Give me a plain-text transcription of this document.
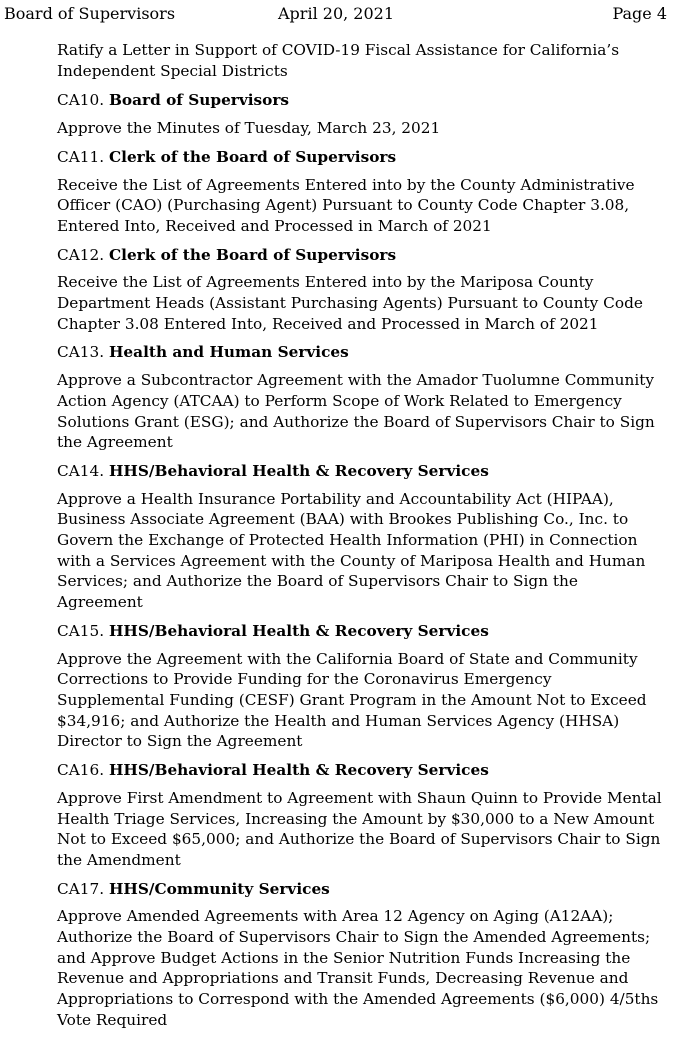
Board of Supervisors	April 20, 2021	Page 4

Ratify a Letter in Support of COVID-19 Fiscal Assistance for California’s Independent Special Districts

CA10. Board of Supervisors

Approve the Minutes of Tuesday, March 23, 2021

CA11. Clerk of the Board of Supervisors

Receive the List of Agreements Entered into by the County Administrative Officer (CAO) (Purchasing Agent) Pursuant to County Code Chapter 3.08, Entered Into, Received and Processed in March of 2021

CA12. Clerk of the Board of Supervisors

Receive the List of Agreements Entered into by the Mariposa County Department Heads (Assistant Purchasing Agents) Pursuant to County Code Chapter 3.08 Entered Into, Received and Processed in March of 2021

CA13. Health and Human Services

Approve a Subcontractor Agreement with the Amador Tuolumne Community Action Agency (ATCAA) to Perform Scope of Work Related to Emergency Solutions Grant (ESG); and Authorize the Board of Supervisors Chair to Sign the Agreement

CA14. HHS/Behavioral Health & Recovery Services

Approve a Health Insurance Portability and Accountability Act (HIPAA), Business Associate Agreement (BAA) with Brookes Publishing Co., Inc. to Govern the Exchange of Protected Health Information (PHI) in Connection with a Services Agreement with the County of Mariposa Health and Human Services; and Authorize the Board of Supervisors Chair to Sign the Agreement

CA15. HHS/Behavioral Health & Recovery Services

Approve the Agreement with the California Board of State and Community Corrections to Provide Funding for the Coronavirus Emergency Supplemental Funding (CESF) Grant Program in the Amount Not to Exceed $34,916; and Authorize the Health and Human Services Agency (HHSA) Director to Sign the Agreement

CA16. HHS/Behavioral Health & Recovery Services

Approve First Amendment to Agreement with Shaun Quinn to Provide Mental Health Triage Services, Increasing the Amount by $30,000 to a New Amount Not to Exceed $65,000; and Authorize the Board of Supervisors Chair to Sign the Amendment

CA17. HHS/Community Services

Approve Amended Agreements with Area 12 Agency on Aging (A12AA); Authorize the Board of Supervisors Chair to Sign the Amended Agreements; and Approve Budget Actions in the Senior Nutrition Funds Increasing the Revenue and Appropriations and Transit Funds, Decreasing Revenue and Appropriations to Correspond with the Amended Agreements ($6,000) 4/5ths Vote Required
